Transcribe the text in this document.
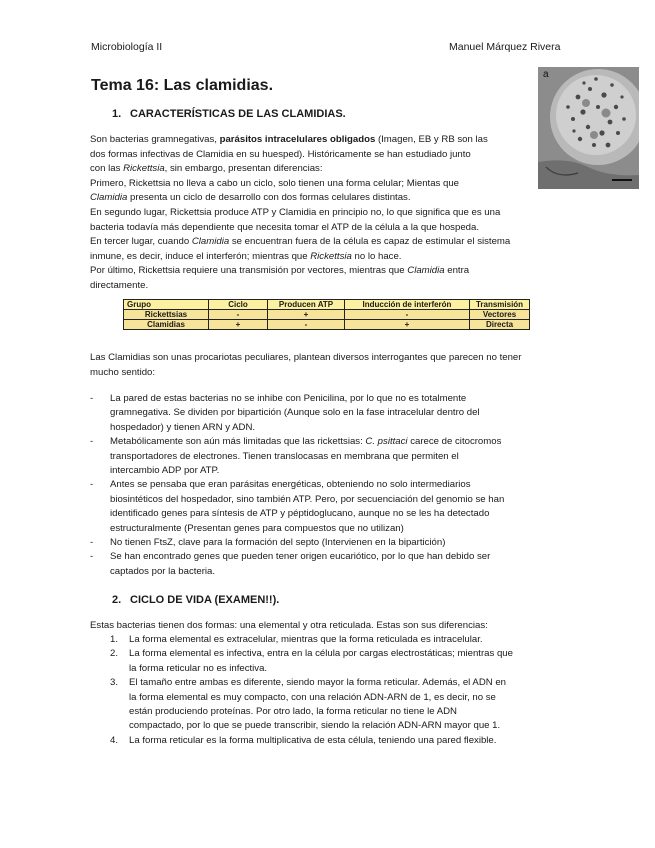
Microbiología II	Manuel Márquez Rivera
Tema 16: Las clamidias.
1. CARACTERÍSTICAS DE LAS CLAMIDIAS.
a
Son bacterias gramnegativas, parásitos intracelulares obligados (Imagen, EB y RB son las
dos formas infectivas de Clamidia en su huesped). Históricamente se han estudiado junto
con las Rickettsia, sin embargo, presentan diferencias:
Primero, Rickettsia no lleva a cabo un ciclo, solo tienen una forma celular; Mientas que
Clamidia presenta un ciclo de desarrollo con dos formas celulares distintas.
En segundo lugar, Rickettsia produce ATP y Clamidia en principio no, lo que significa que es una
bacteria todavía más dependiente que necesita tomar el ATP de la célula a la que hospeda.
En tercer lugar, cuando Clamidia se encuentran fuera de la célula es capaz de estimular el sistema
inmune, es decir, induce el interferón; mientras que Rickettsia no lo hace.
Por último, Rickettsia requiere una transmisión por vectores, mientras que Clamidia entra
directamente.
Grupo	Ciclo	Producen ATP	Inducción de interferón	Transmisión
Rickettsias	-	+	-	Vectores
Clamidias	+	-	+	Directa
Las Clamidias son unas procariotas peculiares, plantean diversos interrogantes que parecen no tener
mucho sentido:
- La pared de estas bacterias no se inhibe con Penicilina, por lo que no es totalmente
gramnegativa. Se dividen por bipartición (Aunque solo en la fase intracelular dentro del
hospedador) y tienen ARN y ADN.
- Metabólicamente son aún más limitadas que las rickettsias: C. psittaci carece de citocromos
transportadores de electrones. Tienen translocasas en membrana que permiten el
intercambio ADP por ATP.
- Antes se pensaba que eran parásitas energéticas, obteniendo no solo intermediarios
biosintéticos del hospedador, sino también ATP. Pero, por secuenciación del genomio se han
identificado genes para síntesis de ATP y péptidoglucano, aunque no se les ha detectado
estructuralmente (Presentan genes para compuestos que no utilizan)
- No tienen FtsZ, clave para la formación del septo (Intervienen en la bipartición)
- Se han encontrado genes que pueden tener origen eucariótico, por lo que han debido ser
captados por la bacteria.
2. CICLO DE VIDA (EXAMEN!!).
Estas bacterias tienen dos formas: una elemental y otra reticulada. Estas son sus diferencias:
1. La forma elemental es extracelular, mientras que la forma reticulada es intracelular.
2. La forma elemental es infectiva, entra en la célula por cargas electrostáticas; mientras que
la forma reticular no es infectiva.
3. El tamaño entre ambas es diferente, siendo mayor la forma reticular. Además, el ADN en
la forma elemental es muy compacto, con una relación ADN-ARN de 1, es decir, no se
están produciendo proteínas. Por otro lado, la forma reticular no tiene le ADN
compactado, por lo que se puede transcribir, siendo la relación ADN-ARN mayor que 1.
4. La forma reticular es la forma multiplicativa de esta célula, teniendo una pared flexible.
